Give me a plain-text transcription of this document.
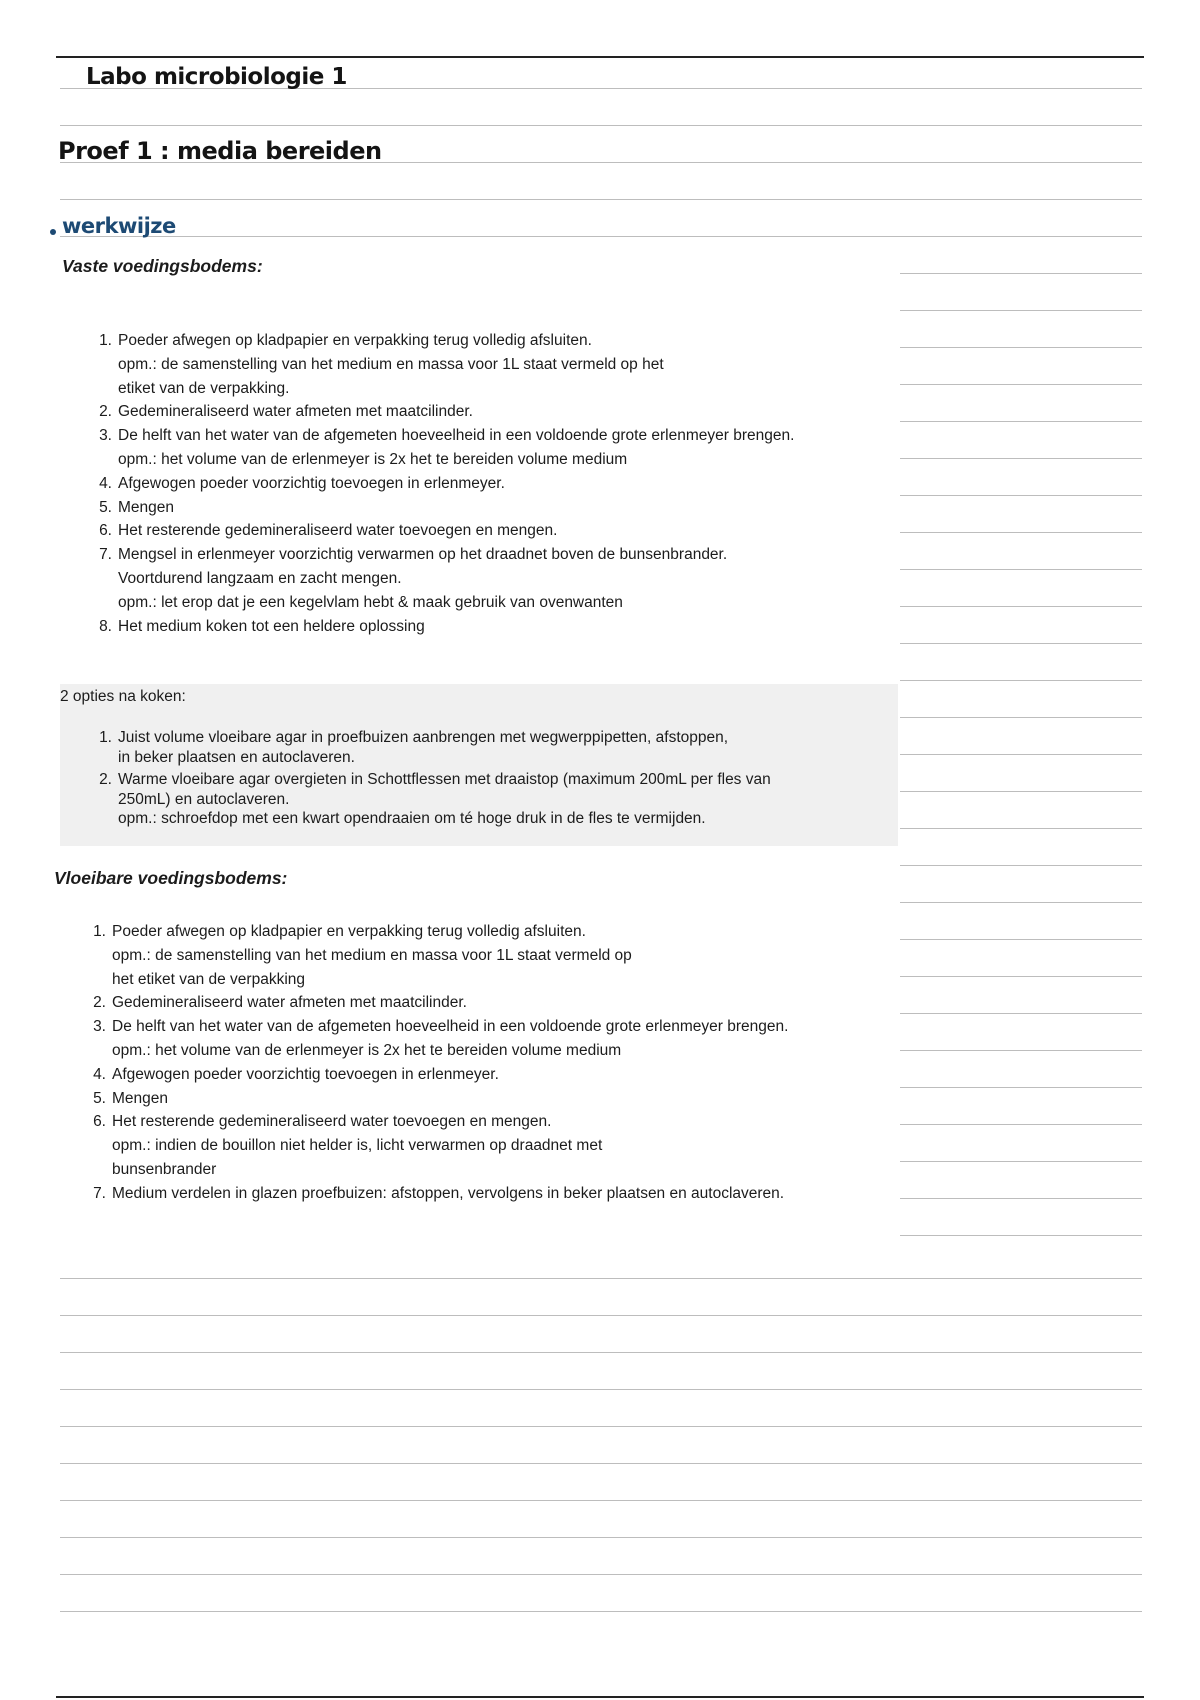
Labo microbiologie 1
Proef 1 : media bereiden
werkwijze
Vaste voedingsbodems:
1. Poeder afwegen op kladpapier en verpakking terug volledig afsluiten.
opm.: de samenstelling van het medium en massa voor 1L staat vermeld op het
etiket van de verpakking.
2. Gedemineraliseerd water afmeten met maatcilinder.
3. De helft van het water van de afgemeten hoeveelheid in een voldoende grote erlenmeyer brengen.
opm.: het volume van de erlenmeyer is 2x het te bereiden volume medium
4. Afgewogen poeder voorzichtig toevoegen in erlenmeyer.
5. Mengen
6. Het resterende gedemineraliseerd water toevoegen en mengen.
7. Mengsel in erlenmeyer voorzichtig verwarmen op het draadnet boven de bunsenbrander.
Voortdurend langzaam en zacht mengen.
opm.: let erop dat je een kegelvlam hebt & maak gebruik van ovenwanten
8. Het medium koken tot een heldere oplossing
2 opties na koken:
1. Juist volume vloeibare agar in proefbuizen aanbrengen met wegwerppipetten, afstoppen,
in beker plaatsen en autoclaveren.
2. Warme vloeibare agar overgieten in Schottflessen met draaistop (maximum 200mL per fles van
250mL) en autoclaveren.
opm.: schroefdop met een kwart opendraaien om té hoge druk in de fles te vermijden.
Vloeibare voedingsbodems:
1. Poeder afwegen op kladpapier en verpakking terug volledig afsluiten.
opm.: de samenstelling van het medium en massa voor 1L staat vermeld op
het etiket van de verpakking
2. Gedemineraliseerd water afmeten met maatcilinder.
3. De helft van het water van de afgemeten hoeveelheid in een voldoende grote erlenmeyer brengen.
opm.: het volume van de erlenmeyer is 2x het te bereiden volume medium
4. Afgewogen poeder voorzichtig toevoegen in erlenmeyer.
5. Mengen
6. Het resterende gedemineraliseerd water toevoegen en mengen.
opm.: indien de bouillon niet helder is, licht verwarmen op draadnet met
bunsenbrander
7. Medium verdelen in glazen proefbuizen: afstoppen, vervolgens in beker plaatsen en autoclaveren.
